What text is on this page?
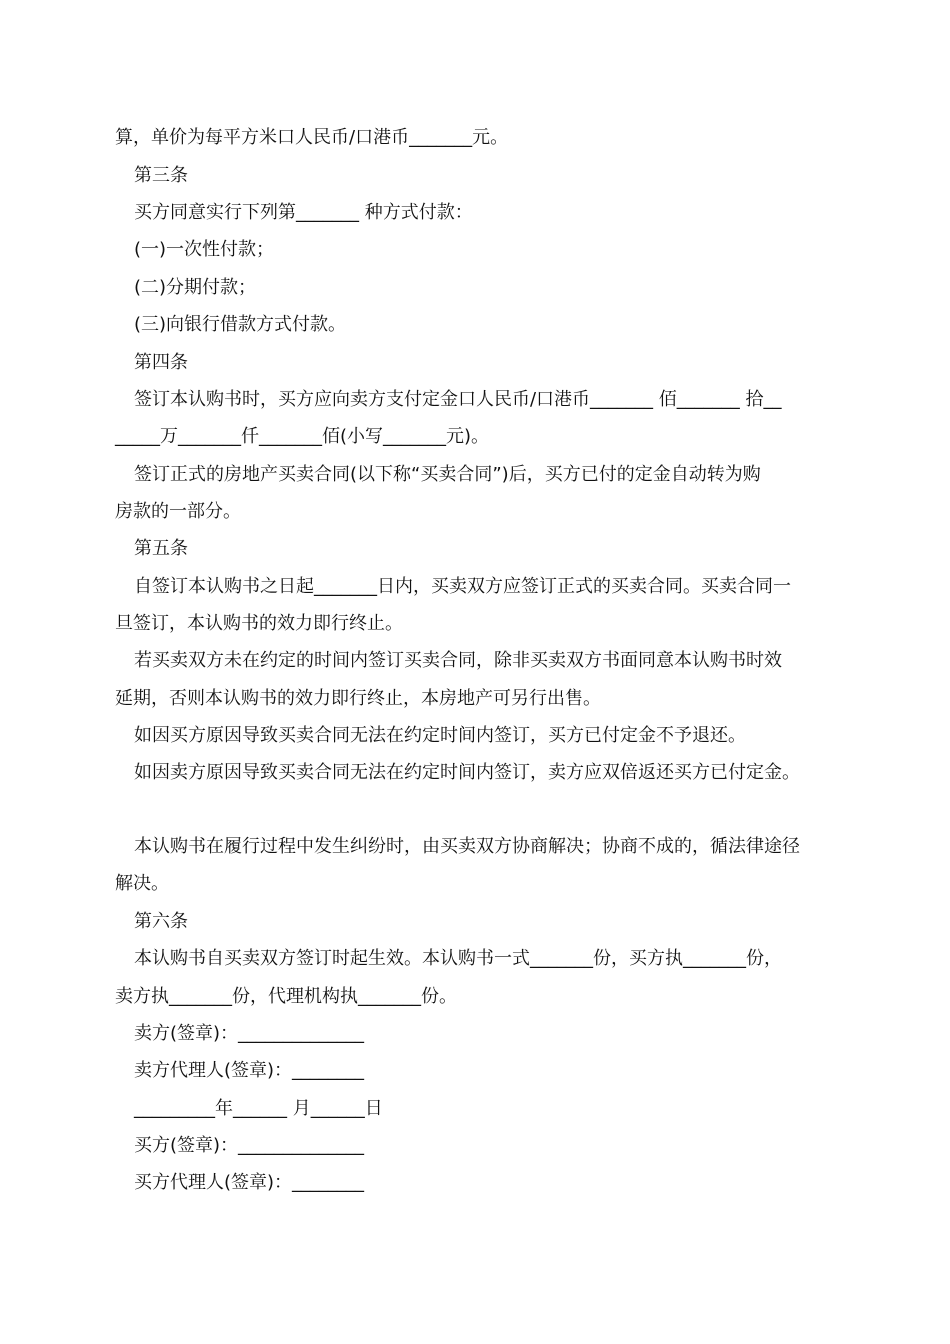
算，单价为每平方米口人民币/口港币_______元。
第三条
买方同意实行下列第_______ 种方式付款：
(一)一次性付款；
(二)分期付款；
(三)向银行借款方式付款。
第四条
签订本认购书时，买方应向卖方支付定金口人民币/口港币_______ 佰_______ 拾__
_____万_______仟_______佰(小写_______元)。
签订正式的房地产买卖合同(以下称“买卖合同”)后，买方已付的定金自动转为购
房款的一部分。
第五条
自签订本认购书之日起_______日内，买卖双方应签订正式的买卖合同。买卖合同一
旦签订，本认购书的效力即行终止。
若买卖双方未在约定的时间内签订买卖合同，除非买卖双方书面同意本认购书时效
延期，否则本认购书的效力即行终止，本房地产可另行出售。
如因买方原因导致买卖合同无法在约定时间内签订，买方已付定金不予退还。
如因卖方原因导致买卖合同无法在约定时间内签订，卖方应双倍返还买方已付定金。
本认购书在履行过程中发生纠纷时，由买卖双方协商解决；协商不成的，循法律途径
解决。
第六条
本认购书自买卖双方签订时起生效。本认购书一式_______份，买方执_______份，
卖方执_______份，代理机构执_______份。
卖方(签章)：______________
卖方代理人(签章)：________
_________年______ 月______日
买方(签章)：______________
买方代理人(签章)：________
